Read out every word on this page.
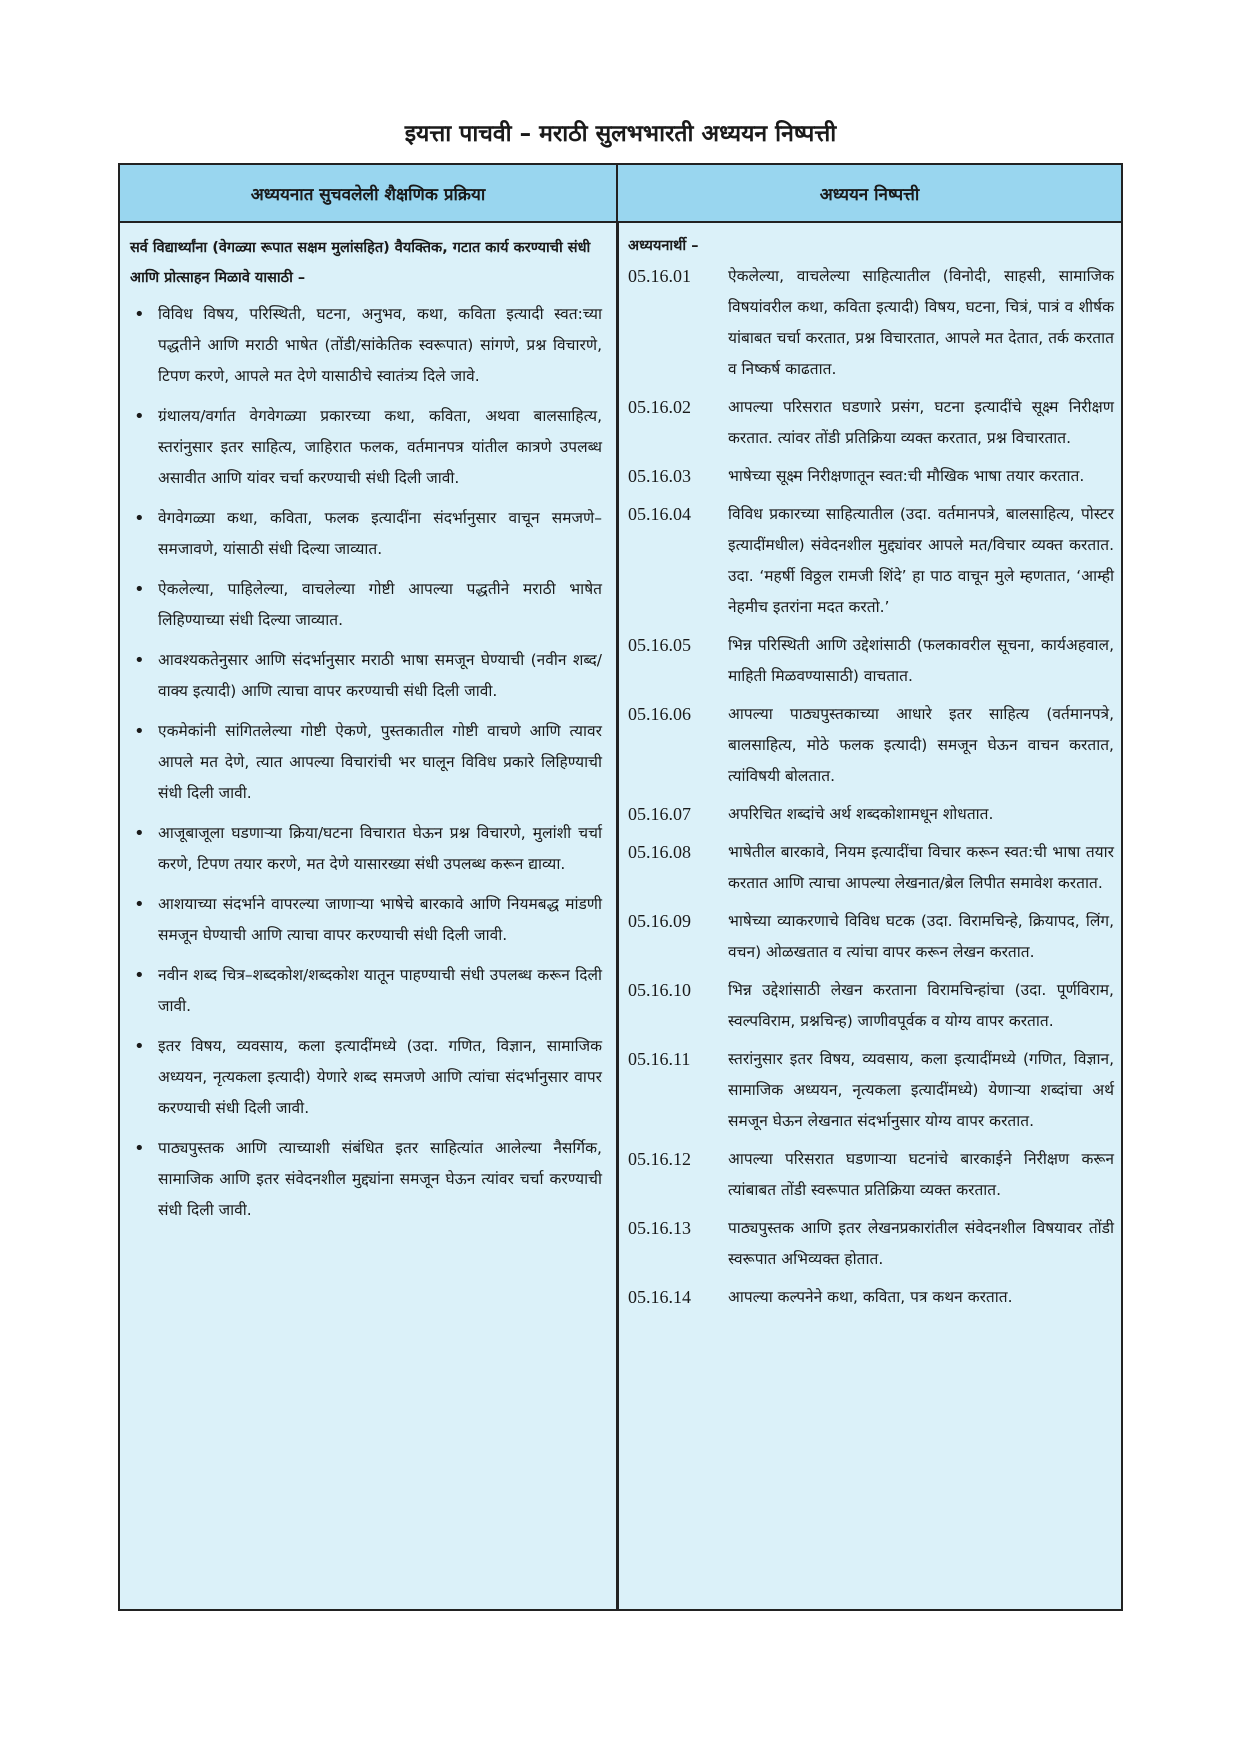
इयत्ता पाचवी – मराठी सुलभभारती अध्ययन निष्पत्ती
अध्ययनात सुचवलेली शैक्षणिक प्रक्रिया	अध्ययन निष्पत्ती
सर्व विद्यार्थ्यांना (वेगळ्या रूपात सक्षम मुलांसहित) वैयक्तिक, गटात कार्य करण्याची संधी आणि प्रोत्साहन मिळावे यासाठी –
• विविध विषय, परिस्थिती, घटना, अनुभव, कथा, कविता इत्यादी स्वत:च्या पद्धतीने आणि मराठी भाषेत (तोंडी/सांकेतिक स्वरूपात) सांगणे, प्रश्न विचारणे, टिपण करणे, आपले मत देणे यासाठीचे स्वातंत्र्य दिले जावे.
• ग्रंथालय/वर्गात वेगवेगळ्या प्रकारच्या कथा, कविता, अथवा बालसाहित्य, स्तरांनुसार इतर साहित्य, जाहिरात फलक, वर्तमानपत्र यांतील कात्रणे उपलब्ध असावीत आणि यांवर चर्चा करण्याची संधी दिली जावी.
• वेगवेगळ्या कथा, कविता, फलक इत्यादींना संदर्भानुसार वाचून समजणे–समजावणे, यांसाठी संधी दिल्या जाव्यात.
• ऐकलेल्या, पाहिलेल्या, वाचलेल्या गोष्टी आपल्या पद्धतीने मराठी भाषेत लिहिण्याच्या संधी दिल्या जाव्यात.
• आवश्यकतेनुसार आणि संदर्भानुसार मराठी भाषा समजून घेण्याची (नवीन शब्द/वाक्य इत्यादी) आणि त्याचा वापर करण्याची संधी दिली जावी.
• एकमेकांनी सांगितलेल्या गोष्टी ऐकणे, पुस्तकातील गोष्टी वाचणे आणि त्यावर आपले मत देणे, त्यात आपल्या विचारांची भर घालून विविध प्रकारे लिहिण्याची संधी दिली जावी.
• आजूबाजूला घडणाऱ्या क्रिया/घटना विचारात घेऊन प्रश्न विचारणे, मुलांशी चर्चा करणे, टिपण तयार करणे, मत देणे यासारख्या संधी उपलब्ध करून द्याव्या.
• आशयाच्या संदर्भाने वापरल्या जाणाऱ्या भाषेचे बारकावे आणि नियमबद्ध मांडणी समजून घेण्याची आणि त्याचा वापर करण्याची संधी दिली जावी.
• नवीन शब्द चित्र–शब्दकोश/शब्दकोश यातून पाहण्याची संधी उपलब्ध करून दिली जावी.
• इतर विषय, व्यवसाय, कला इत्यादींमध्ये (उदा. गणित, विज्ञान, सामाजिक अध्ययन, नृत्यकला इत्यादी) येणारे शब्द समजणे आणि त्यांचा संदर्भानुसार वापर करण्याची संधी दिली जावी.
• पाठ्यपुस्तक आणि त्याच्याशी संबंधित इतर साहित्यांत आलेल्या नैसर्गिक, सामाजिक आणि इतर संवेदनशील मुद्द्यांना समजून घेऊन त्यांवर चर्चा करण्याची संधी दिली जावी.
अध्ययनार्थी –
05.16.01	ऐकलेल्या, वाचलेल्या साहित्यातील (विनोदी, साहसी, सामाजिक विषयांवरील कथा, कविता इत्यादी) विषय, घटना, चित्रं, पात्रं व शीर्षक यांबाबत चर्चा करतात, प्रश्न विचारतात, आपले मत देतात, तर्क करतात व निष्कर्ष काढतात.
05.16.02	आपल्या परिसरात घडणारे प्रसंग, घटना इत्यादींचे सूक्ष्म निरीक्षण करतात. त्यांवर तोंडी प्रतिक्रिया व्यक्त करतात, प्रश्न विचारतात.
05.16.03	भाषेच्या सूक्ष्म निरीक्षणातून स्वत:ची मौखिक भाषा तयार करतात.
05.16.04	विविध प्रकारच्या साहित्यातील (उदा. वर्तमानपत्रे, बालसाहित्य, पोस्टर इत्यादींमधील) संवेदनशील मुद्द्यांवर आपले मत/विचार व्यक्त करतात. उदा. ‘महर्षी विठ्ठल रामजी शिंदे’ हा पाठ वाचून मुले म्हणतात, ‘आम्ही नेहमीच इतरांना मदत करतो.’
05.16.05	भिन्न परिस्थिती आणि उद्देशांसाठी (फलकावरील सूचना, कार्यअहवाल, माहिती मिळवण्यासाठी) वाचतात.
05.16.06	आपल्या पाठ्यपुस्तकाच्या आधारे इतर साहित्य (वर्तमानपत्रे, बालसाहित्य, मोठे फलक इत्यादी) समजून घेऊन वाचन करतात, त्यांविषयी बोलतात.
05.16.07	अपरिचित शब्दांचे अर्थ शब्दकोशामधून शोधतात.
05.16.08	भाषेतील बारकावे, नियम इत्यादींचा विचार करून स्वत:ची भाषा तयार करतात आणि त्याचा आपल्या लेखनात/ब्रेल लिपीत समावेश करतात.
05.16.09	भाषेच्या व्याकरणाचे विविध घटक (उदा. विरामचिन्हे, क्रियापद, लिंग, वचन) ओळखतात व त्यांचा वापर करून लेखन करतात.
05.16.10	भिन्न उद्देशांसाठी लेखन करताना विरामचिन्हांचा (उदा. पूर्णविराम, स्वल्पविराम, प्रश्नचिन्ह) जाणीवपूर्वक व योग्य वापर करतात.
05.16.11	स्तरांनुसार इतर विषय, व्यवसाय, कला इत्यादींमध्ये (गणित, विज्ञान, सामाजिक अध्ययन, नृत्यकला इत्यादींमध्ये) येणाऱ्या शब्दांचा अर्थ समजून घेऊन लेखनात संदर्भानुसार योग्य वापर करतात.
05.16.12	आपल्या परिसरात घडणाऱ्या घटनांचे बारकाईने निरीक्षण करून त्यांबाबत तोंडी स्वरूपात प्रतिक्रिया व्यक्त करतात.
05.16.13	पाठ्यपुस्तक आणि इतर लेखनप्रकारांतील संवेदनशील विषयावर तोंडी स्वरूपात अभिव्यक्त होतात.
05.16.14	आपल्या कल्पनेने कथा, कविता, पत्र कथन करतात.
